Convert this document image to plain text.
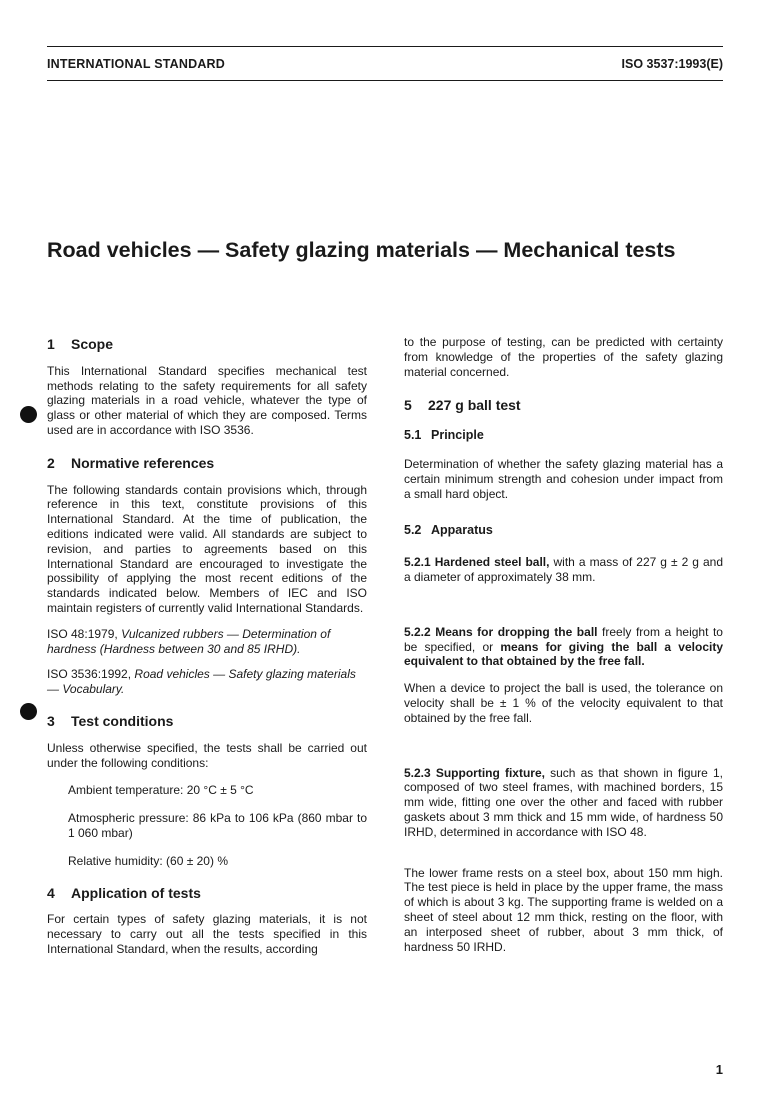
INTERNATIONAL STANDARD	ISO 3537:1993(E)
Road vehicles — Safety glazing materials — Mechanical tests
1 Scope

This International Standard specifies mechanical test methods relating to the safety requirements for all safety glazing materials in a road vehicle, whatever the type of glass or other material of which they are composed. Terms used are in accordance with ISO 3536.

2 Normative references

The following standards contain provisions which, through reference in this text, constitute provisions of this International Standard. At the time of publication, the editions indicated were valid. All standards are subject to revision, and parties to agreements based on this International Standard are encouraged to investigate the possibility of applying the most recent editions of the standards indicated below. Members of IEC and ISO maintain registers of currently valid International Standards.

ISO 48:1979, Vulcanized rubbers — Determination of hardness (Hardness between 30 and 85 IRHD).

ISO 3536:1992, Road vehicles — Safety glazing materials — Vocabulary.

3 Test conditions

Unless otherwise specified, the tests shall be carried out under the following conditions:

Ambient temperature: 20 °C ± 5 °C

Atmospheric pressure: 86 kPa to 106 kPa (860 mbar to 1 060 mbar)

Relative humidity: (60 ± 20) %

4 Application of tests

For certain types of safety glazing materials, it is not necessary to carry out all the tests specified in this International Standard, when the results, according

to the purpose of testing, can be predicted with certainty from knowledge of the properties of the safety glazing material concerned.

5 227 g ball test
5.1 Principle

Determination of whether the safety glazing material has a certain minimum strength and cohesion under impact from a small hard object.

5.2 Apparatus

5.2.1 Hardened steel ball, with a mass of 227 g ± 2 g and a diameter of approximately 38 mm.

5.2.2 Means for dropping the ball freely from a height to be specified, or means for giving the ball a velocity equivalent to that obtained by the free fall.

When a device to project the ball is used, the tolerance on velocity shall be ± 1 % of the velocity equivalent to that obtained by the free fall.

5.2.3 Supporting fixture, such as that shown in figure 1, composed of two steel frames, with machined borders, 15 mm wide, fitting one over the other and faced with rubber gaskets about 3 mm thick and 15 mm wide, of hardness 50 IRHD, determined in accordance with ISO 48.

The lower frame rests on a steel box, about 150 mm high. The test piece is held in place by the upper frame, the mass of which is about 3 kg. The supporting frame is welded on a sheet of steel about 12 mm thick, resting on the floor, with an interposed sheet of rubber, about 3 mm thick, of hardness 50 IRHD.

1
